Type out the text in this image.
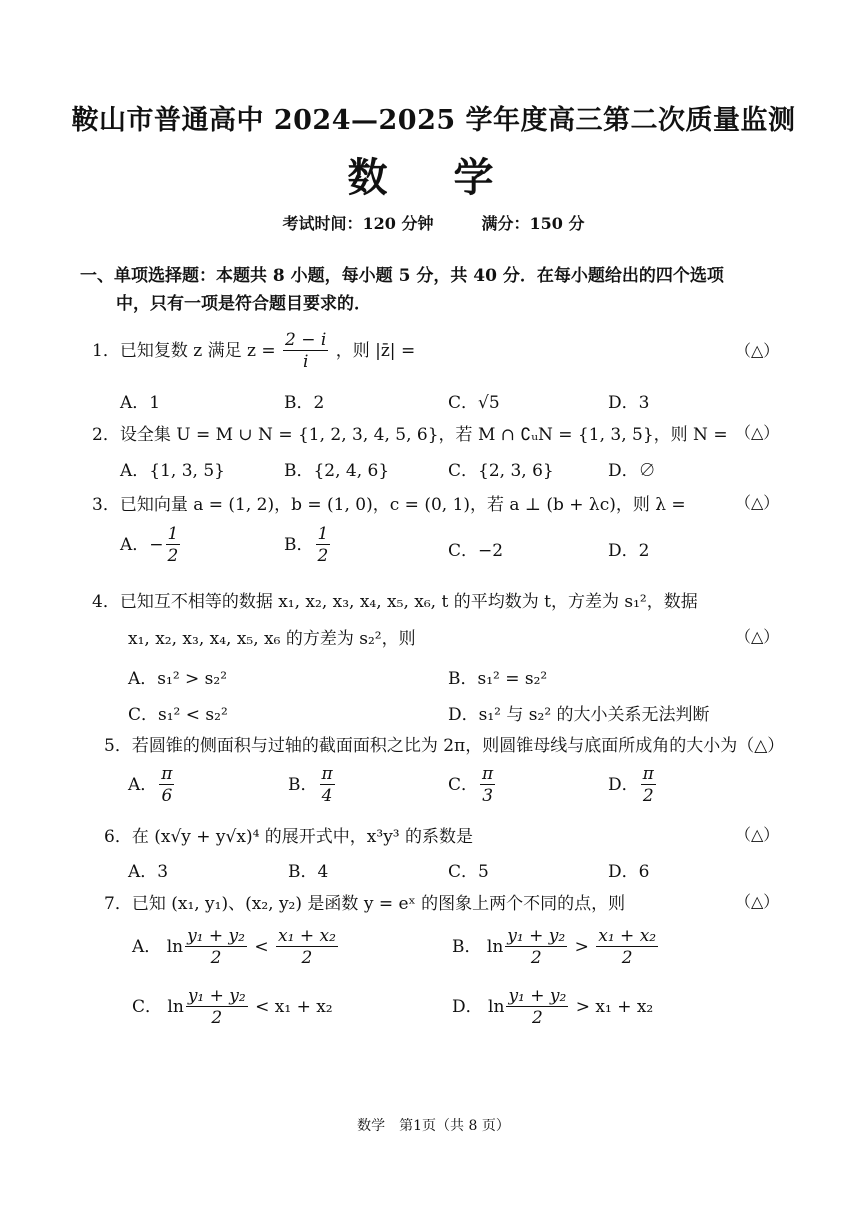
鞍山市普通高中 2024—2025 学年度高三第二次质量监测
数 学
考试时间：120 分钟	满分：150 分
一、单项选择题：本题共 8 小题，每小题 5 分，共 40 分．在每小题给出的四个选项
中，只有一项是符合题目要求的．
1．已知复数 z 满足 $z = \frac{2 - i}{i}$ ，则 |z̄| =	（△）
A．1	B．2	C．√5	D．3
2．设全集 U = M ∪ N = {1, 2, 3, 4, 5, 6}，若 M ∩ ∁ᵤN = {1, 3, 5}，则 N = （△）
A．{1, 3, 5}	B．{2, 4, 6}	C．{2, 3, 6}	D．∅
3．已知向量 a = (1, 2)，b = (1, 0)，c = (0, 1)，若 a ⊥ (b + λc)，则 λ =	（△）
A．− $\frac{1}{2}$	B． $\frac{1}{2}$	C．−2	D．2
4．已知互不相等的数据 x₁, x₂, x₃, x₄, x₅, x₆, t 的平均数为 t，方差为 s₁²，数据
x₁, x₂, x₃, x₄, x₅, x₆ 的方差为 s₂²，则	（△）
A．s₁² > s₂²	B．s₁² = s₂²
C．s₁² < s₂²	D．s₁² 与 s₂² 的大小关系无法判断
5．若圆锥的侧面积与过轴的截面面积之比为 2π，则圆锥母线与底面所成角的大小为（△）
A． $\frac{\pi}{6}$	B． $\frac{\pi}{4}$	C． $\frac{\pi}{3}$	D． $\frac{\pi}{2}$
6．在 (x√y + y√x)⁴ 的展开式中，x³y³ 的系数是	（△）
A．3	B．4	C．5	D．6
7．已知 (x₁, y₁)、(x₂, y₂) 是函数 y = eˣ 的图象上两个不同的点，则	（△）
A． $\ln \frac{\text{y₁ + y₂}}{2} < \frac{\text{x₁ + x₂}}{2}$	B． $\ln \frac{\text{y₁ + y₂}}{2} > \frac{\text{x₁ + x₂}}{2}$
C． $\ln \frac{\text{y₁ + y₂}}{2} < x_1 + x_2$	D． $\ln \frac{\text{y₁ + y₂}}{2} > x_1 + x_2$
数学　第1页（共 8 页）
